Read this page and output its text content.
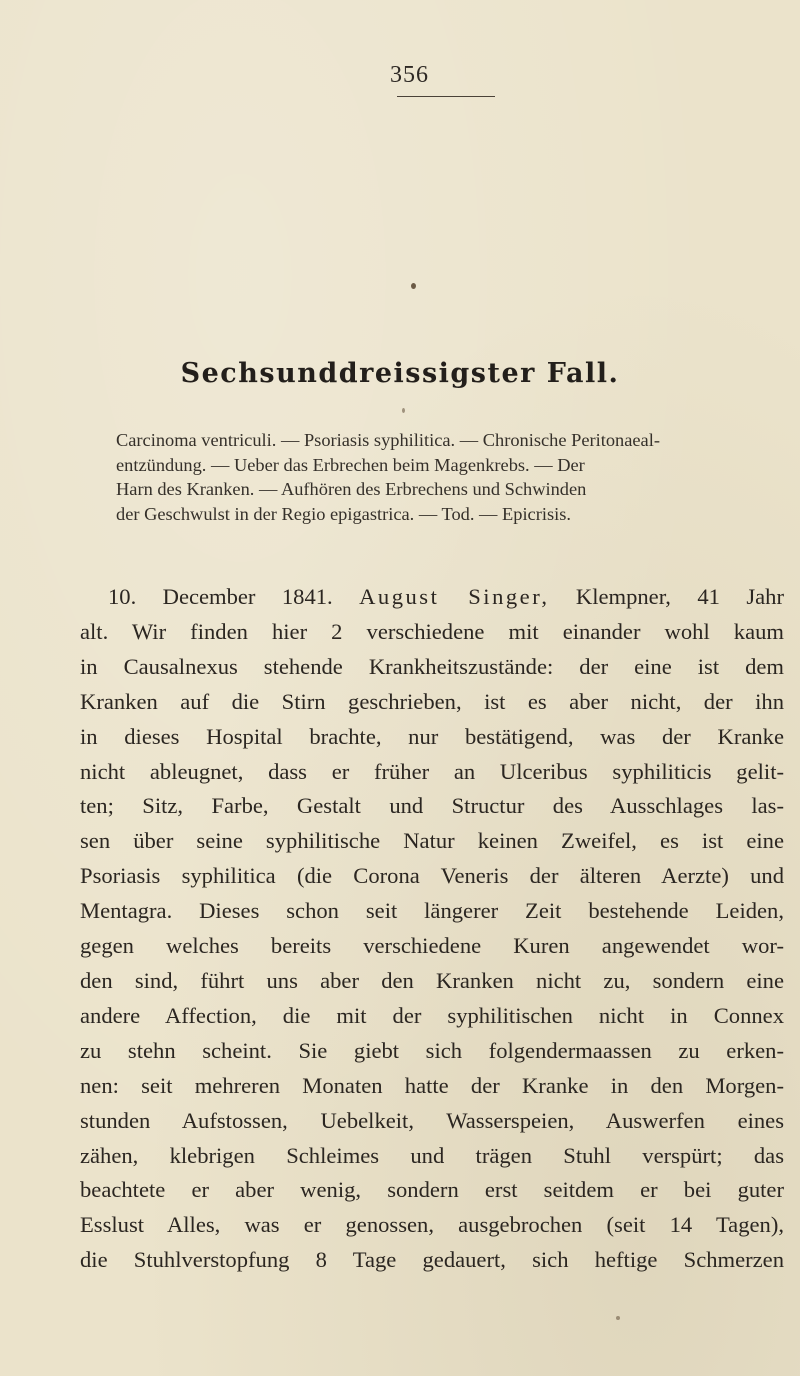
356
Sechsunddreissigster Fall.
Carcinoma ventriculi. — Psoriasis syphilitica. — Chronische Peritonaeal-
entzündung. — Ueber das Erbrechen beim Magenkrebs. — Der
Harn des Kranken. — Aufhören des Erbrechens und Schwinden
der Geschwulst in der Regio epigastrica. — Tod. — Epicrisis.
10. December 1841. August Singer, Klempner, 41 Jahr
alt. Wir finden hier 2 verschiedene mit einander wohl kaum
in Causalnexus stehende Krankheitszustände: der eine ist dem
Kranken auf die Stirn geschrieben, ist es aber nicht, der ihn
in dieses Hospital brachte, nur bestätigend, was der Kranke
nicht ableugnet, dass er früher an Ulceribus syphiliticis gelit-
ten; Sitz, Farbe, Gestalt und Structur des Ausschlages las-
sen über seine syphilitische Natur keinen Zweifel, es ist eine
Psoriasis syphilitica (die Corona Veneris der älteren Aerzte) und
Mentagra. Dieses schon seit längerer Zeit bestehende Leiden,
gegen welches bereits verschiedene Kuren angewendet wor-
den sind, führt uns aber den Kranken nicht zu, sondern eine
andere Affection, die mit der syphilitischen nicht in Connex
zu stehn scheint. Sie giebt sich folgendermaassen zu erken-
nen: seit mehreren Monaten hatte der Kranke in den Morgen-
stunden Aufstossen, Uebelkeit, Wasserspeien, Auswerfen eines
zähen, klebrigen Schleimes und trägen Stuhl verspürt; das
beachtete er aber wenig, sondern erst seitdem er bei guter
Esslust Alles, was er genossen, ausgebrochen (seit 14 Tagen),
die Stuhlverstopfung 8 Tage gedauert, sich heftige Schmerzen
